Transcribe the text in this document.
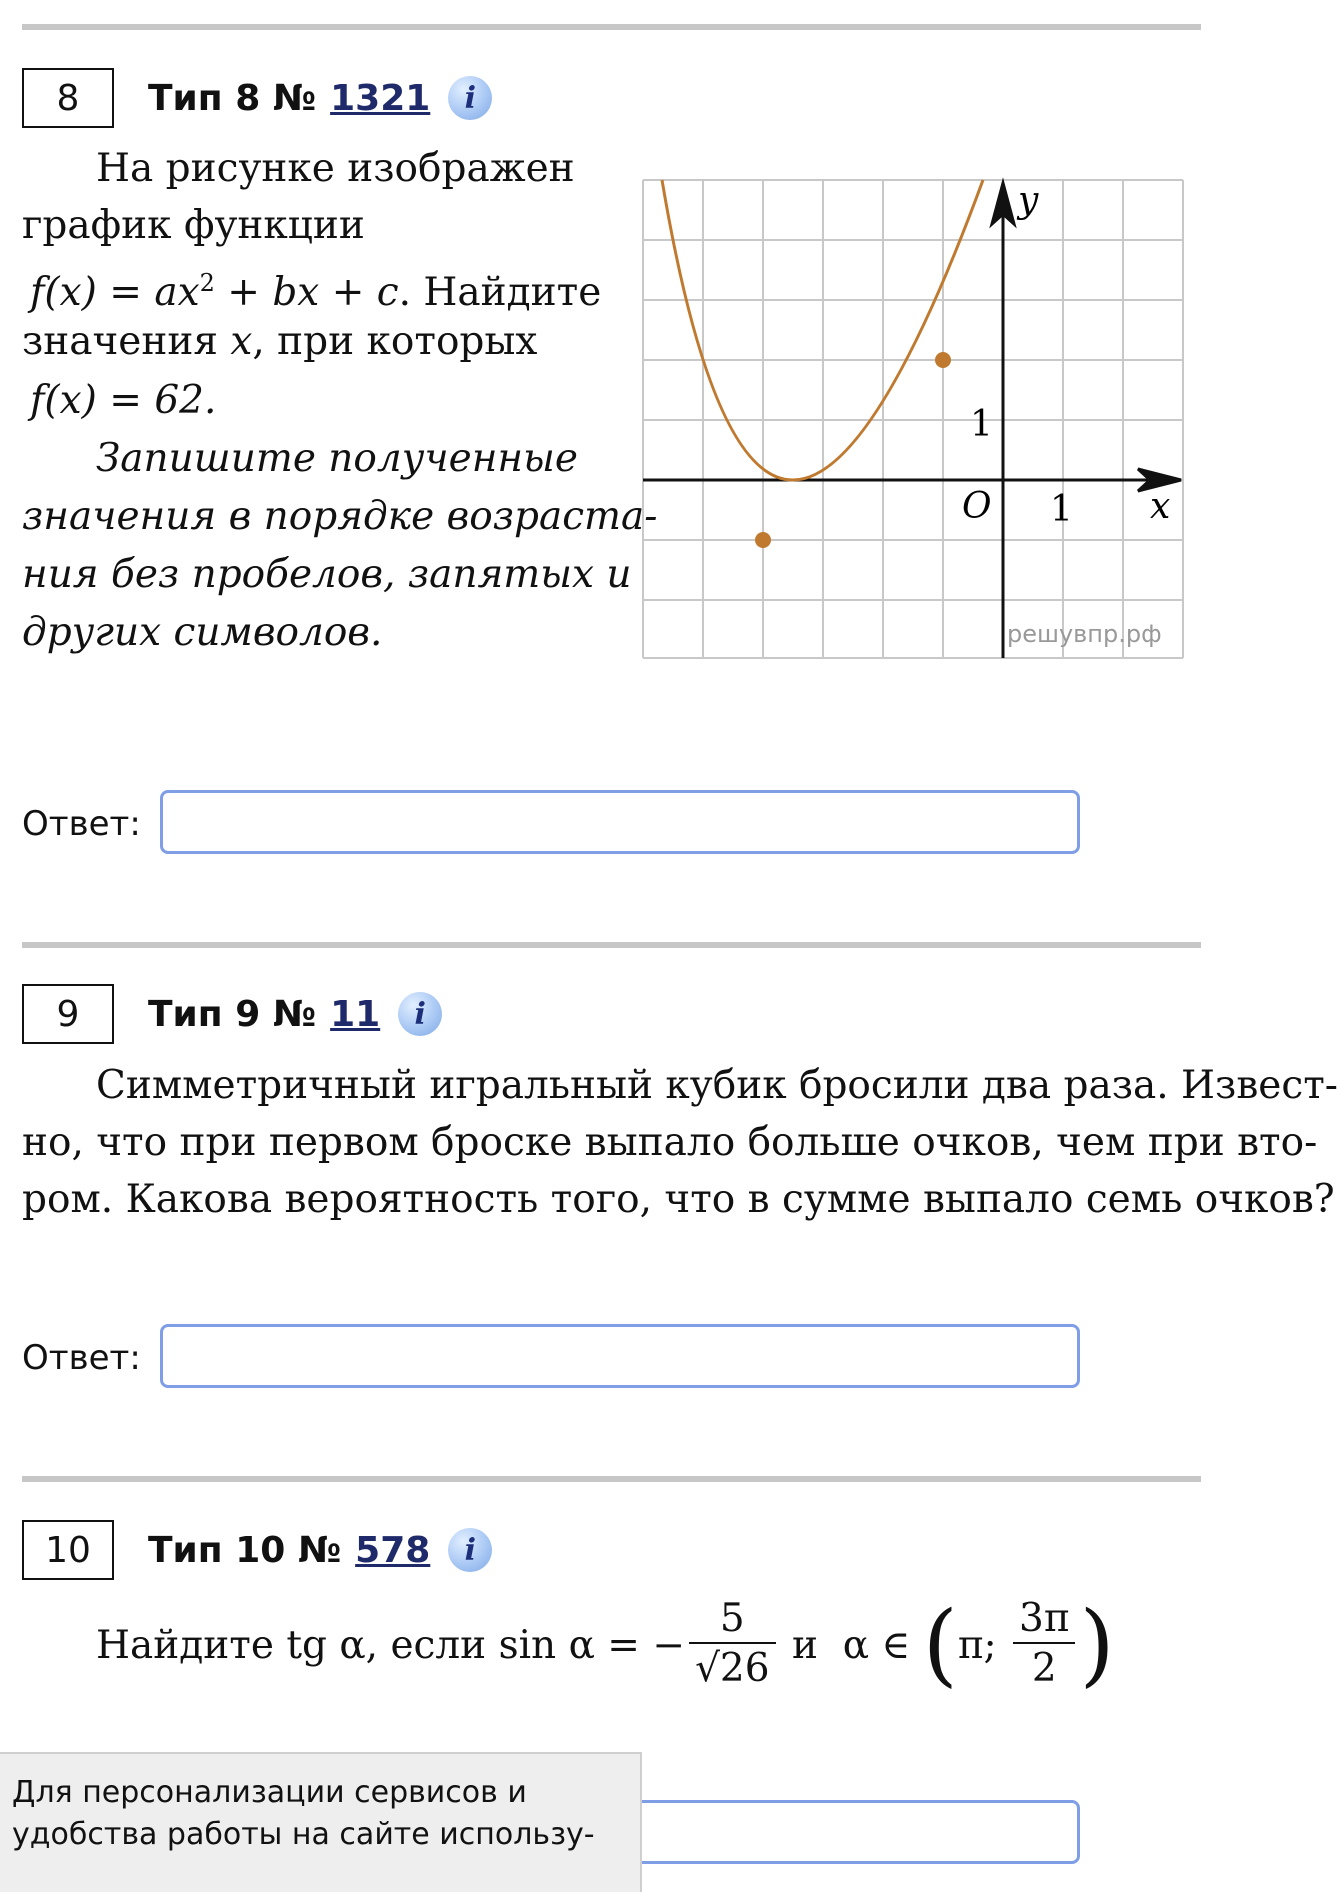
8 Тип 8 № 1321	i
На рисунке изображен
график функции
$f(x) = ax^2$ + bx + c. Найдите
значения x, при которых
f(x) = 62.
Запишите полученные
значения в порядке возраста-
ния без пробелов, запятых и
других символов.
y
x
O 1
1
решувпр.рф
Ответ:
9 Тип 9 № 11	i
Симметричный игральный кубик бросили два раза. Извест-
но, что при первом броске выпало больше очков, чем при вто-
ром. Какова вероятность того, что в сумме выпало семь очков?
Ответ:
10 Тип 10 № 578	i
Найдите tg α, если sin α = − $\frac{5}{√26}$ и  α ∈ ( π; $\frac{3\pi}{2}$ )
Для персонализации сервисов и
удобства работы на сайте использу-
